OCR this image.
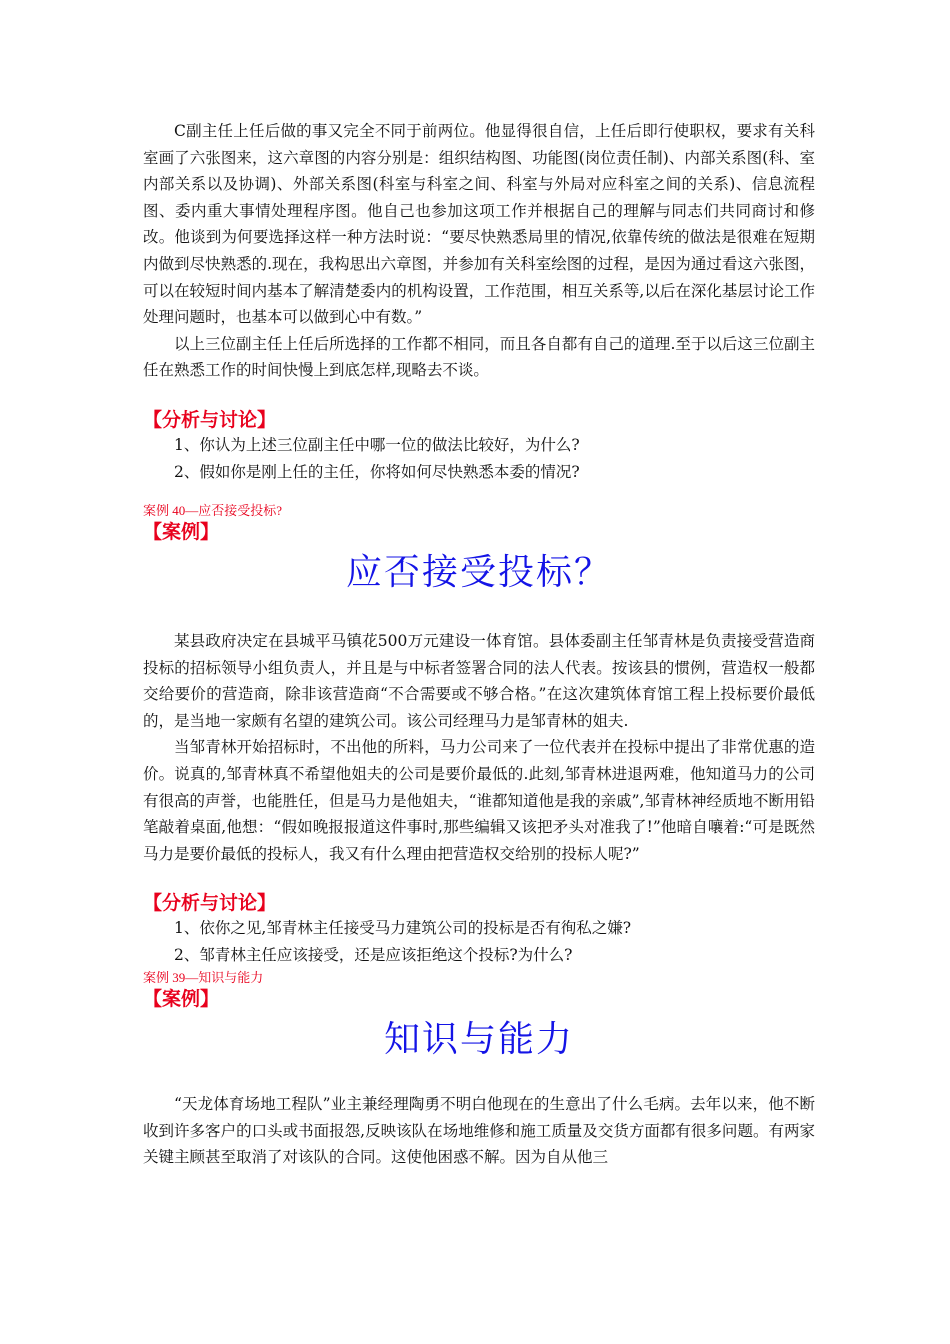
C副主任上任后做的事又完全不同于前两位。他显得很自信，上任后即行使职权，要求有关科室画了六张图来，这六章图的内容分别是：组织结构图、功能图(岗位责任制)、内部关系图(科、室内部关系以及协调)、外部关系图(科室与科室之间、科室与外局对应科室之间的关系)、信息流程图、委内重大事情处理程序图。他自己也参加这项工作并根据自己的理解与同志们共同商讨和修改。他谈到为何要选择这样一种方法时说：“要尽快熟悉局里的情况,依靠传统的做法是很难在短期内做到尽快熟悉的.现在，我构思出六章图，并参加有关科室绘图的过程，是因为通过看这六张图，可以在较短时间内基本了解清楚委内的机构设置，工作范围，相互关系等,以后在深化基层讨论工作处理问题时，也基本可以做到心中有数。”

以上三位副主任上任后所选择的工作都不相同，而且各自都有自己的道理.至于以后这三位副主任在熟悉工作的时间快慢上到底怎样,现略去不谈。

【分析与讨论】

1、你认为上述三位副主任中哪一位的做法比较好，为什么?

2、假如你是刚上任的主任，你将如何尽快熟悉本委的情况?

案例 40—应否接受投标?

【案例】

应否接受投标？

某县政府决定在县城平马镇花500万元建设一体育馆。县体委副主任邹青林是负责接受营造商投标的招标领导小组负责人，并且是与中标者签署合同的法人代表。按该县的惯例，营造权一般都交给要价的营造商，除非该营造商“不合需要或不够合格。”在这次建筑体育馆工程上投标要价最低的，是当地一家颇有名望的建筑公司。该公司经理马力是邹青林的姐夫.

当邹青林开始招标时，不出他的所料，马力公司来了一位代表并在投标中提出了非常优惠的造价。说真的,邹青林真不希望他姐夫的公司是要价最低的.此刻,邹青林进退两难，他知道马力的公司有很高的声誉，也能胜任，但是马力是他姐夫，“谁都知道他是我的亲戚”,邹青林神经质地不断用铅笔敲着桌面,他想：“假如晚报报道这件事时,那些编辑又该把矛头对准我了!”他暗自嚷着:“可是既然马力是要价最低的投标人，我又有什么理由把营造权交给别的投标人呢?”

【分析与讨论】

1、依你之见,邹青林主任接受马力建筑公司的投标是否有徇私之嫌?

2、邹青林主任应该接受，还是应该拒绝这个投标?为什么?

案例 39—知识与能力

【案例】

知识与能力

“天龙体育场地工程队”业主兼经理陶勇不明白他现在的生意出了什么毛病。去年以来，他不断收到许多客户的口头或书面报怨,反映该队在场地维修和施工质量及交货方面都有很多问题。有两家关键主顾甚至取消了对该队的合同。这使他困惑不解。因为自从他三
